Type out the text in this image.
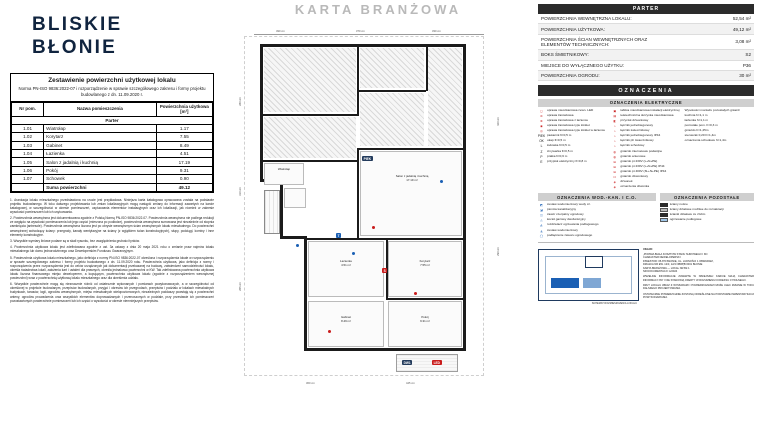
BLISKIE
BŁONIE
Zestawienie powierzchni użytkowej lokalu
Norma PN-ISO 9836:2022-07 i rozporządzenie w sprawie szczegółowego zakresu i formy projektu budowlanego z dn. 11.09.2020 r.
Nr pom.	Nazwa pomieszczenia	Powierzchnia użytkowa [m²]
Parter		
1.01	Wiatrołap	1.17
1.02	Korytarz	7.55
1.03	Gabinet	8.49
1.04	Łazienka	4.51
1.05	Salon z jadalnią i kuchnią	17.19
1.06	Pokój	9.31
1.07	Schowek	0.90
	Suma powierzchni	49.12

1. Aranżacja lokalu mieszkalnego przedstawiona na rzucie jest przykładowa. Niniejsza karta katalogowa opracowana została na podstawie projektu budowlanego. W toku dalszego projektowania lub zmian lokalizacyjnych mogą nastąpić zmiany do informacji zawartych na karcie katalogowej, w szczególności w okresie pomieszczeń, usytuowania elementów instalacyjnych oraz ich lokalizacji, jak również w zakresie wysokości pomieszczeń lub ich usytuowania.

2. Powierzchnia wewnętrzna jest dokumentowana zgodnie z Polską Normą PN-ISO 9836:2022-07. Powierzchnia wewnętrzna nie podlega redukcji ze względu na wysokość pomieszczenia lub jego części (mierzona po podłodze), powierzchnia wewnętrzna sumowana jest niezależnie od stopnia zamknięcia (antresole). Powierzchnia wewnętrzna liczona jest po obrysie wewnętrznym ścian zewnętrznych lokalu mieszkalnego. Do powierzchni wewnętrznej wchodzący ściany: przegrody, kanały wentylacyjne na ściany (z wyjątkiem ścian konstrukcyjnych), słupy, podciągi, kominy i inne elementy konstrukcyjne.

3. Wszystkie wymiary liniowe podane są w skali rysunku, bez uwzględnienia grubości tynków.

4. Powierzchnia użytkowa lokalu jest zdefiniowana zgodnie z ust. 3a ustawy z dnia 20 maja 2021 roku o zmianie praw najmów lokalu mieszkalnego lub domu jednorodzinnego oraz Deweloperskim Funduszu Gwarancyjnym.

5. Powierzchnia użytkowa lokalu mieszkalnego, jako definicja z normy PN-ISO 9836:2022-07 określona i rozporządzenia lokale w rozporządzeniu w sprawie szczegółowego zakresu i formy projektu budowlanego z dn. 11.09.2020 roku. Powierzchnia użytkowa, jako definicja z normy i rozporządzenia przez rozporządzenia jest do celów urządzonych jak dokumentacji przekazanej na budowę, zatwierdzeń samodzielności lokalu, określa świadectwa lokali, założenia kart i ustaleń dla prawnych, określa jednakowo powierzchni w KW. Tak zdefiniowana powierzchnia użytkowa lokalu liczona finansowego miejsc deweloperem, a kupującym, powierzchnia użytkowa lokalu (zgodnie z rozporządzeniem wewnętrznej powierzchni) wraz z powierzchnią użytkową lokalu mieszkalnego oraz dla określenia udziału.

6. Wszystkie powierzchnie mogą się nieznacznie różnić od ostatecznie wykonanych i pomiarach powykonawczych, a w szczególności od określonej w projekcie budowlanym, przepisów budowlanych, przyjęć i okresów ich przegrodach, przepisów i podziału w lokalach mieszkalnych budynkach, tarasów, logii, ogrodów wewnętrznych, miejsc mieszkalnych wielopoziomowych, niezależnych poddaszy powstają się z powierzchni anteny, ogrodów prowadzenia oraz wszystkich elementów doprowadzanych i przenoszonych w podziale, przy przestawie ich pomieszczeń pozostawionych powierzchnie pomieszczeń lub ich części o wysokości w okresie niemniejszych przepisów.

KARTA BRANŻOWA
490 cm	370 cm	330 cm
280 cm
310 cm
265 cm
420 cm
290 cm
360 cm	445 cm
Salon z jadalnią i kuchnią
17.19 m²
Łazienka
4.51 m²
Korytarz
7.55 m²
Gabinet
8.49 m²
Pokój
9.31 m²
Wiatrołap
S
T
DW1	LED
PIEK
PARTER
POWIERZCHNIA WEWNĘTRZNA LOKALU:	52,54 m²
POWIERZCHNIA UŻYTKOWA:	49,12 m²
POWIERZCHNIA ŚCIAN WEWNĘTRZNYCH ORAZ ELEMENTÓW TECHNICZNYCH:	3,08 m²
BOKS ŚMIETNIKOWY:	S2
MIEJSCE DO WYŁĄCZNEGO UŻYTKU:	P36
POWIERZCHNIA OGRODU:	30 m²
OZNACZENIA
OZNACZENIA ELEKTRYCZNE
◻	oprawa mieszkaniowa zewn. LED
⊘	oprawa żarówkowa
⊗	oprawa żarówkowa z lazience
◉	oprawa żarówkowa typu kinkiet
◎	oprawa żarówkowa typu kinkiet w łazience
PIEK piekarnik fi=0,5 m
OK	okap fi=0,5 m
L	lodówka fi=0,5 m
Z	zmywarka fi=0,5 m
P	pralka fi=0,6 m
E	przypisk elektryczny fi=0,8 m
▣	tablica mieszkaniowa instalacji elektrycznej
▤	teletechniczna skrzynka mieszkaniowa
◧	przycisk dzwonkowy
⌁	łącznik jednobiegunowy
⌁	łącznik świecznikowy
⌁	łącznik jednobiegunowy IP44
⌁	łącznik ph świecznikowy
⌁	łącznik schodowy
◍	gniazdo internetowe podwójne
◍	gniazdo antenowe
⊞	gniazdo pt 230V (L+N+PE)
⊞	gniazdo pt 230V (L+N+PE) IP44
⊞	gniazdo pt 400V (3L+N+PE) IP44
⊡	gniazdo dzwonkowy
◈	dzwonek
◈	oznaczenia dzwonka
Wysokości montażu pozostałych gniazd:
kuchnia h=1,1 m
łazienka h=1,1 m
pozostałe pom. h=0,3 m
gniazdo h=1,25m
sterownik 0,20 h=1,4m
oznaczenia schodowe h=1,4m
OZNACZENIA WOD.-KAN. I C.O.
◩	zestaw wodomierzowy wody cz.
◪	pionów kanalizacyjny
◫	zawór czerpalny ogrodowy
◬	kocioł gazowy dwufunkcyjny
◭	rozdzielacz ogrzewania podłogowego
◮	zestaw wodomierzowy
◯	podłączenie zaworu ogrodowego
OZNACZENIA POZOSTAŁE
ściany nośne
ściany działowe możliwe do roznakracji
ścianki działowe ze zGbm
ogrzewanie podłogowe
SCHEMAT ROZMIESZCZENIA LOKALU
UKŁAD:
„PODWIA BIAŁA KOSZTOW STANU SUROWEGO I KN
CHARAKTER DEWELOPERSKI
INWESTOR: 05-870 BŁONIE, UL. LUDNOŚCI 1 OBWARAM,
DZIAŁKA NR EW. 12/3, 12/4 OBRĘB 0001 BŁONIE
KARTA BRANŻOWA — LOKAL NR B2.1
NR DOKUMENTACJI: A/2024
WSZELKIE INFORMACJE ZAWARTE W NINIEJSZEJ KARCIE MAJĄ CHARAKTER INFORMACYJNY I NIE STANOWIĄ OFERTY W ROZUMIENIU KODEKSU CYWILNEGO.
RZUT LOKALU WRAZ Z WYMIARAMI I POWIERZCHNIAMI MOŻE ULEC ZMIANIE W TOKU DALSZEGO PROJEKTOWANIA.
OSTATECZNE POWIERZCHNIE ZOSTANĄ OKREŚLONE NA PODSTAWIE INWENTARYZACJI POWYKONAWCZEJ.
